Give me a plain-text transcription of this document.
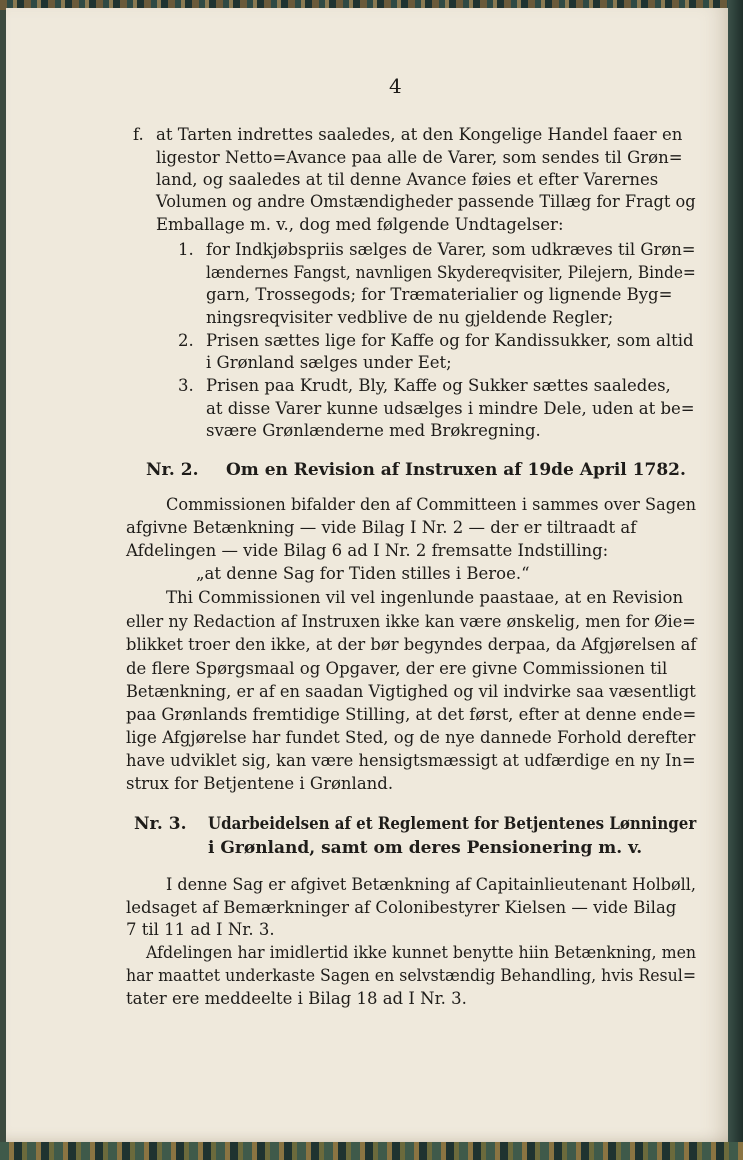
4
f. at Tarten indrettes saaledes, at den Kongelige Handel faaer en
ligestor Netto=Avance paa alle de Varer, som sendes til Grøn=
land, og saaledes at til denne Avance føies et efter Varernes
Volumen og andre Omstændigheder passende Tillæg for Fragt og
Emballage m. v., dog med følgende Undtagelser:
1. for Indkjøbspriis sælges de Varer, som udkræves til Grøn=
lændernes Fangst, navnligen Skydereqvisiter, Pilejern, Binde=
garn, Trossegods; for Træmaterialier og lignende Byg=
ningsreqvisiter vedblive de nu gjeldende Regler;
2. Prisen sættes lige for Kaffe og for Kandissukker, som altid
i Grønland sælges under Eet;
3. Prisen paa Krudt, Bly, Kaffe og Sukker sættes saaledes,
at disse Varer kunne udsælges i mindre Dele, uden at be=
svære Grønlænderne med Brøkregning.
Nr. 2. Om en Revision af Instruxen af 19de April 1782.
Commissionen bifalder den af Committeen i sammes over Sagen
afgivne Betænkning — vide Bilag I Nr. 2 — der er tiltraadt af
Afdelingen — vide Bilag 6 ad I Nr. 2 fremsatte Indstilling:
„at denne Sag for Tiden stilles i Beroe.“
Thi Commissionen vil vel ingenlunde paastaae, at en Revision
eller ny Redaction af Instruxen ikke kan være ønskelig, men for Øie=
blikket troer den ikke, at der bør begyndes derpaa, da Afgjørelsen af
de flere Spørgsmaal og Opgaver, der ere givne Commissionen til
Betænkning, er af en saadan Vigtighed og vil indvirke saa væsentligt
paa Grønlands fremtidige Stilling, at det først, efter at denne ende=
lige Afgjørelse har fundet Sted, og de nye dannede Forhold derefter
have udviklet sig, kan være hensigtsmæssigt at udfærdige en ny In=
strux for Betjentene i Grønland.
Nr. 3. Udarbeidelsen af et Reglement for Betjentenes Lønninger
i Grønland, samt om deres Pensionering m. v.
I denne Sag er afgivet Betænkning af Capitainlieutenant Holbøll,
ledsaget af Bemærkninger af Colonibestyrer Kielsen — vide Bilag
7 til 11 ad I Nr. 3.
Afdelingen har imidlertid ikke kunnet benytte hiin Betænkning, men
har maattet underkaste Sagen en selvstændig Behandling, hvis Resul=
tater ere meddeelte i Bilag 18 ad I Nr. 3.
